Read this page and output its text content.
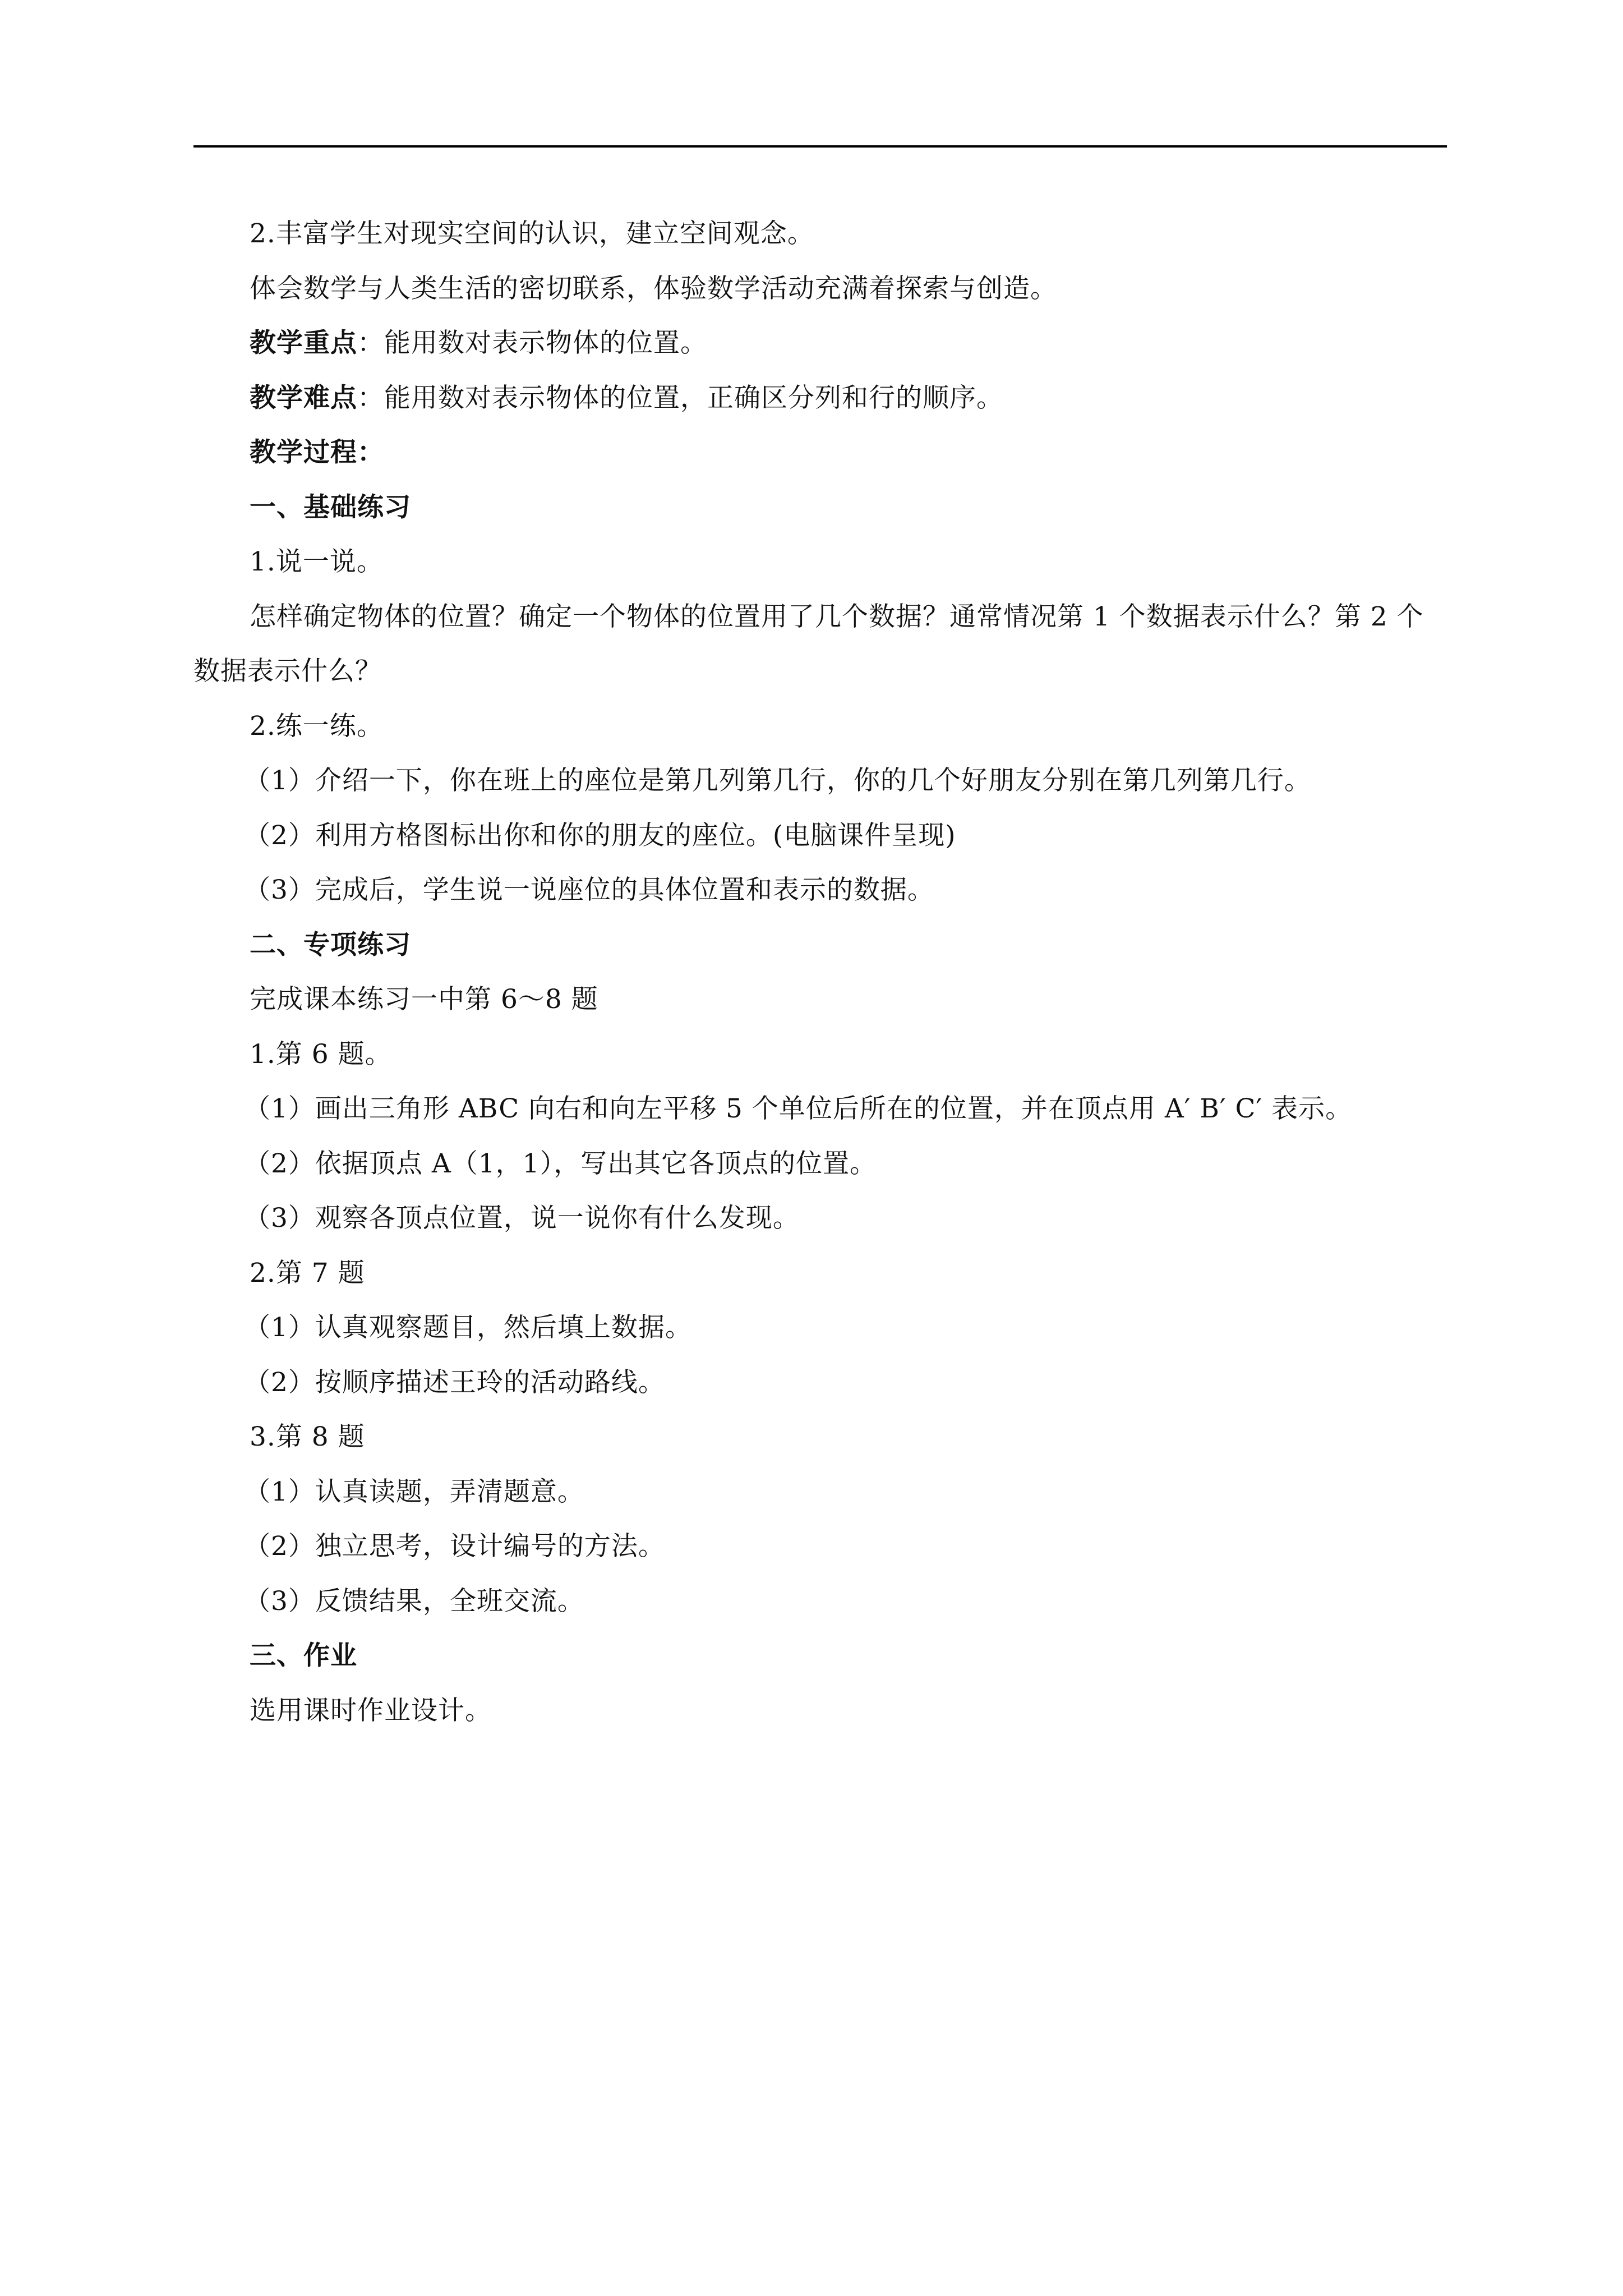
2.丰富学生对现实空间的认识，建立空间观念。
体会数学与人类生活的密切联系，体验数学活动充满着探索与创造。
教学重点：能用数对表示物体的位置。
教学难点：能用数对表示物体的位置，正确区分列和行的顺序。
教学过程：
一、基础练习
1.说一说。
怎样确定物体的位置？确定一个物体的位置用了几个数据？通常情况第 1 个数据表示什么？第 2 个数据表示什么？
2.练一练。
（1）介绍一下，你在班上的座位是第几列第几行，你的几个好朋友分别在第几列第几行。
（2）利用方格图标出你和你的朋友的座位。(电脑课件呈现)
（3）完成后，学生说一说座位的具体位置和表示的数据。
二、专项练习
完成课本练习一中第 6～8 题
1.第 6 题。
（1）画出三角形 ABC 向右和向左平移 5 个单位后所在的位置，并在顶点用 A′ B′ C′ 表示。
（2）依据顶点 A（1，1），写出其它各顶点的位置。
（3）观察各顶点位置，说一说你有什么发现。
2.第 7 题
（1）认真观察题目，然后填上数据。
（2）按顺序描述王玲的活动路线。
3.第 8 题
（1）认真读题，弄清题意。
（2）独立思考，设计编号的方法。
（3）反馈结果，全班交流。
三、作业
选用课时作业设计。
